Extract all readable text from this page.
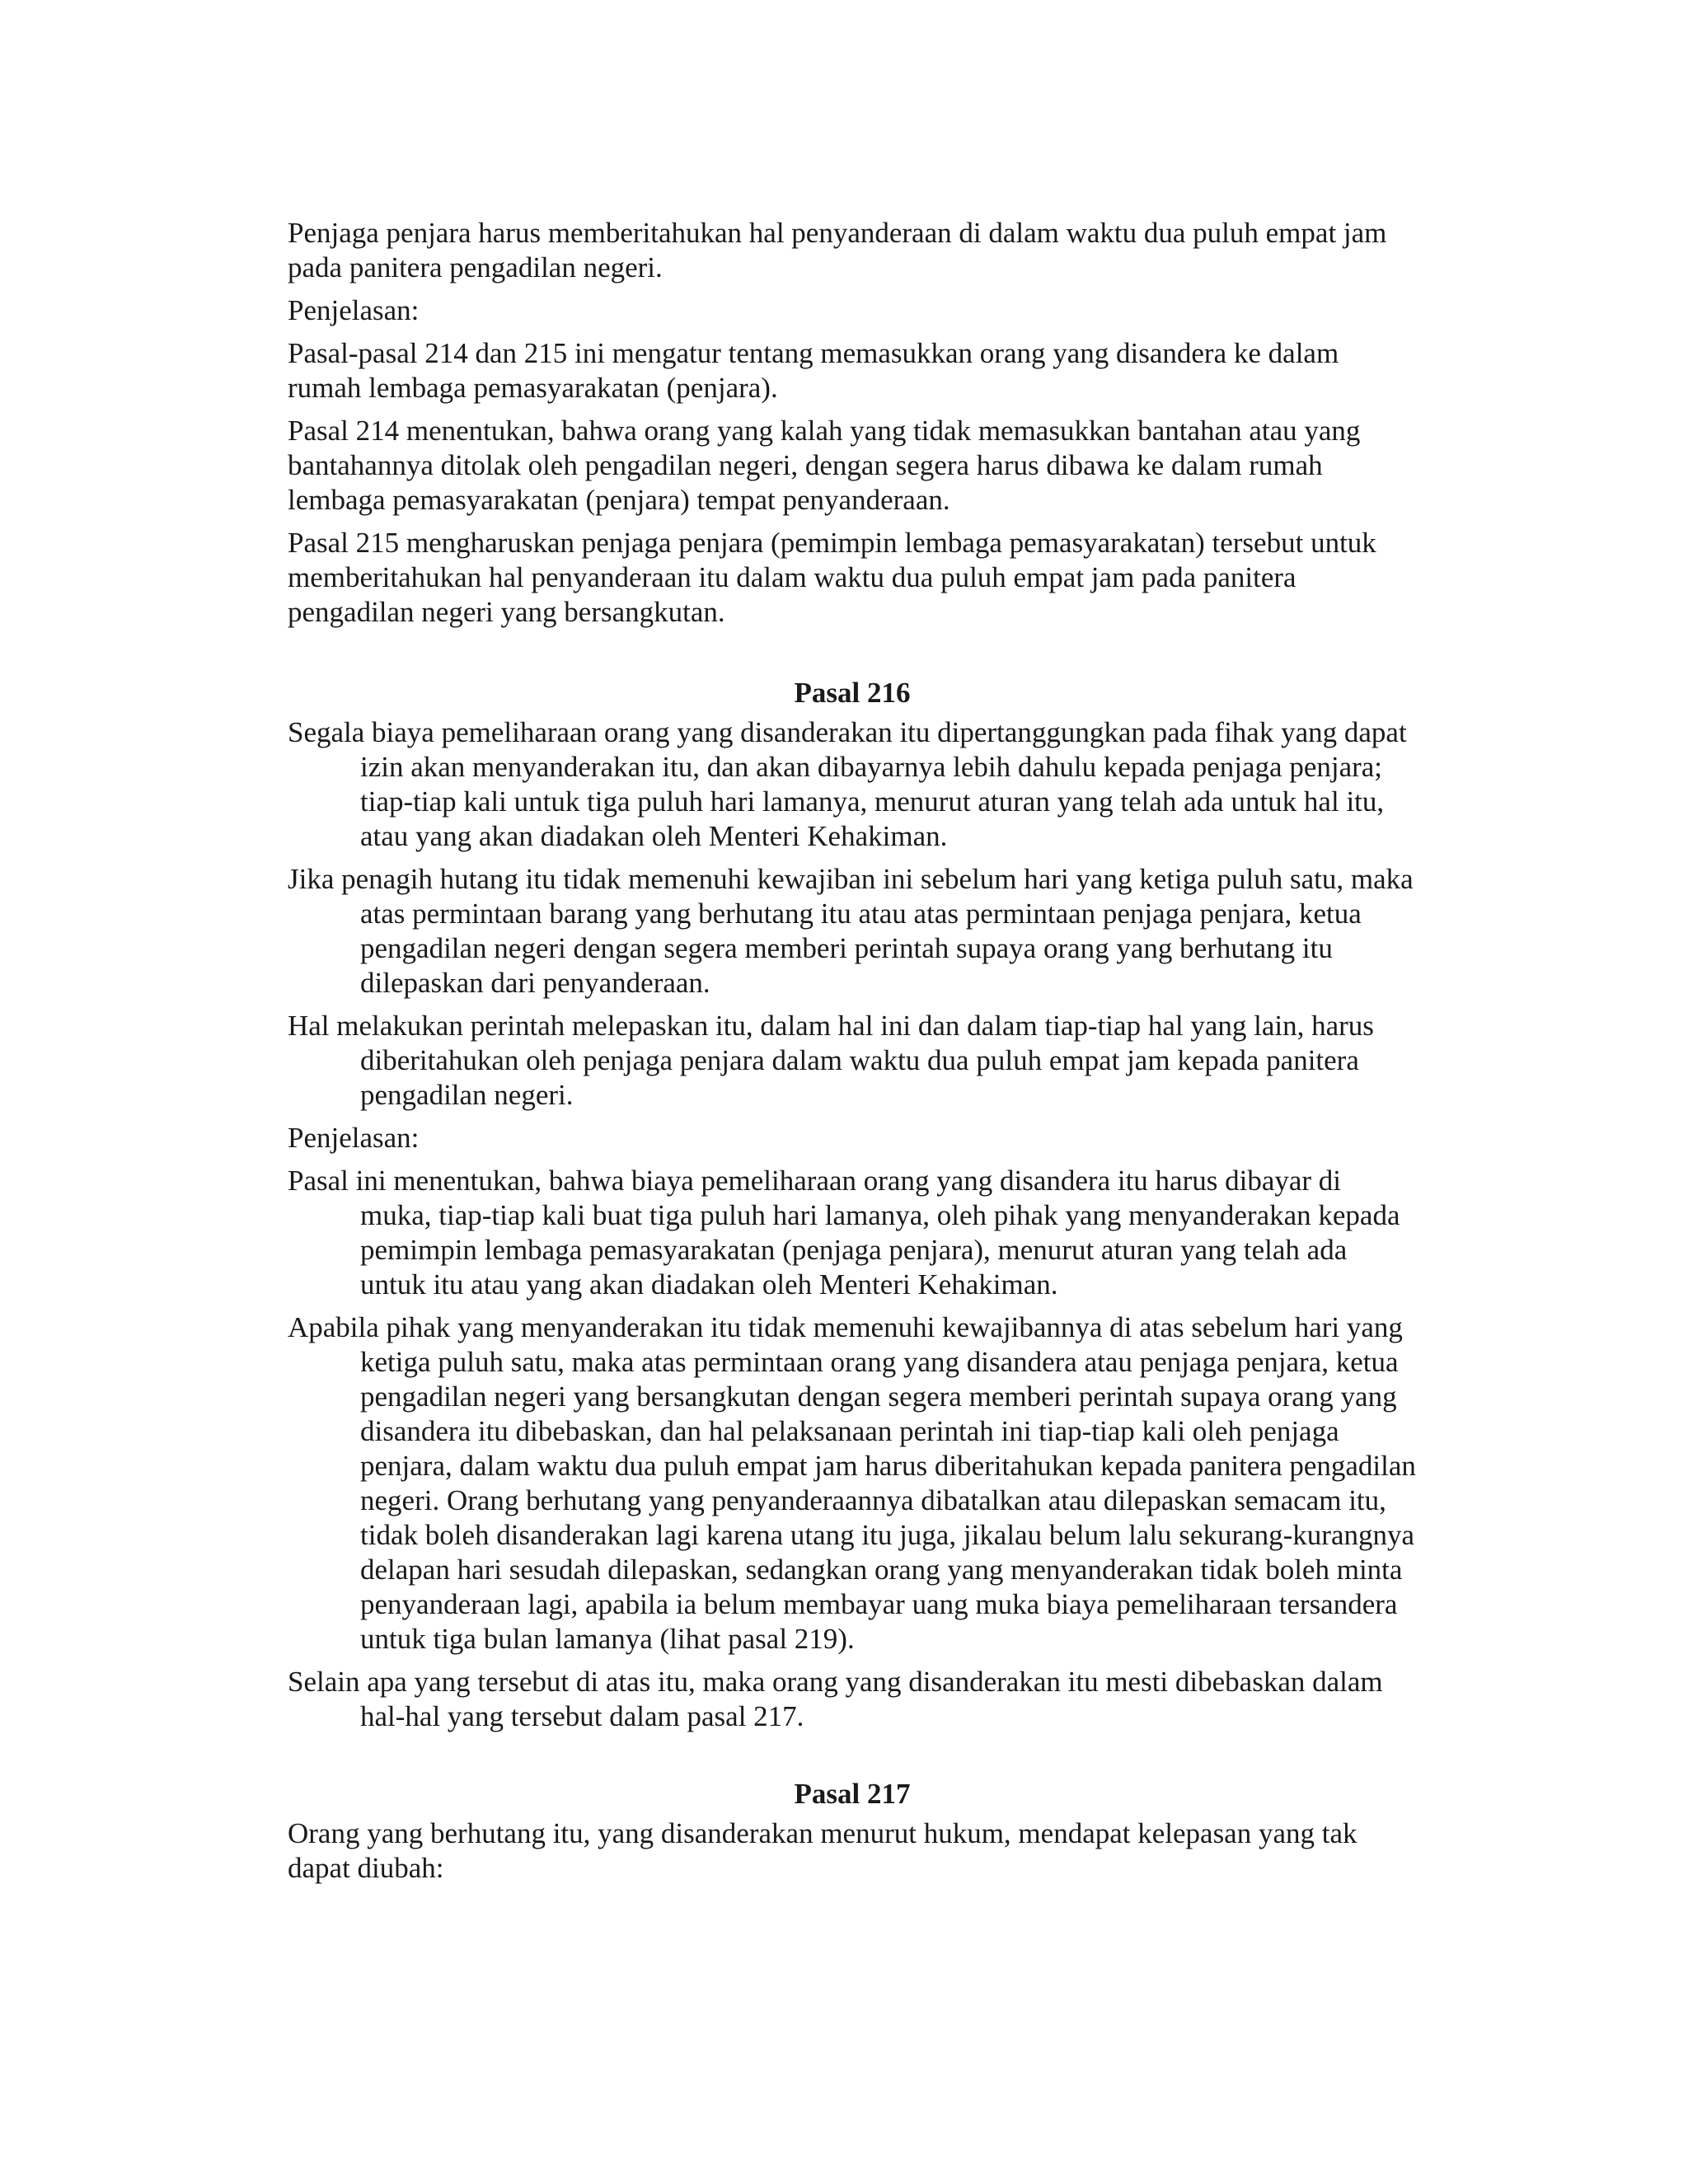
Penjaga penjara harus memberitahukan hal penyanderaan di dalam waktu dua puluh empat jam pada panitera pengadilan negeri.

Penjelasan:

Pasal-pasal 214 dan 215 ini mengatur tentang memasukkan orang yang disandera ke dalam rumah lembaga pemasyarakatan (penjara).

Pasal 214 menentukan, bahwa orang yang kalah yang tidak memasukkan bantahan atau yang bantahannya ditolak oleh pengadilan negeri, dengan segera harus dibawa ke dalam rumah lembaga pemasyarakatan (penjara) tempat penyanderaan.

Pasal 215 mengharuskan penjaga penjara (pemimpin lembaga pemasyarakatan) tersebut untuk memberitahukan hal penyanderaan itu dalam waktu dua puluh empat jam pada panitera pengadilan negeri yang bersangkutan.

Pasal 216

Segala biaya pemeliharaan orang yang disanderakan itu dipertanggungkan pada fihak yang dapat izin akan menyanderakan itu, dan akan dibayarnya lebih dahulu kepada penjaga penjara; tiap-tiap kali untuk tiga puluh hari lamanya, menurut aturan yang telah ada untuk hal itu, atau yang akan diadakan oleh Menteri Kehakiman.

Jika penagih hutang itu tidak memenuhi kewajiban ini sebelum hari yang ketiga puluh satu, maka atas permintaan barang yang berhutang itu atau atas permintaan penjaga penjara, ketua pengadilan negeri dengan segera memberi perintah supaya orang yang berhutang itu dilepaskan dari penyanderaan.

Hal melakukan perintah melepaskan itu, dalam hal ini dan dalam tiap-tiap hal yang lain, harus diberitahukan oleh penjaga penjara dalam waktu dua puluh empat jam kepada panitera pengadilan negeri.

Penjelasan:

Pasal ini menentukan, bahwa biaya pemeliharaan orang yang disandera itu harus dibayar di muka, tiap-tiap kali buat tiga puluh hari lamanya, oleh pihak yang menyanderakan kepada pemimpin lembaga pemasyarakatan (penjaga penjara), menurut aturan yang telah ada untuk itu atau yang akan diadakan oleh Menteri Kehakiman.

Apabila pihak yang menyanderakan itu tidak memenuhi kewajibannya di atas sebelum hari yang ketiga puluh satu, maka atas permintaan orang yang disandera atau penjaga penjara, ketua pengadilan negeri yang bersangkutan dengan segera memberi perintah supaya orang yang disandera itu dibebaskan, dan hal pelaksanaan perintah ini tiap-tiap kali oleh penjaga penjara, dalam waktu dua puluh empat jam harus diberitahukan kepada panitera pengadilan negeri. Orang berhutang yang penyanderaannya dibatalkan atau dilepaskan semacam itu, tidak boleh disanderakan lagi karena utang itu juga, jikalau belum lalu sekurang-kurangnya delapan hari sesudah dilepaskan, sedangkan orang yang menyanderakan tidak boleh minta penyanderaan lagi, apabila ia belum membayar uang muka biaya pemeliharaan tersandera untuk tiga bulan lamanya (lihat pasal 219).

Selain apa yang tersebut di atas itu, maka orang yang disanderakan itu mesti dibebaskan dalam hal-hal yang tersebut dalam pasal 217.

Pasal 217

Orang yang berhutang itu, yang disanderakan menurut hukum, mendapat kelepasan yang tak dapat diubah:
